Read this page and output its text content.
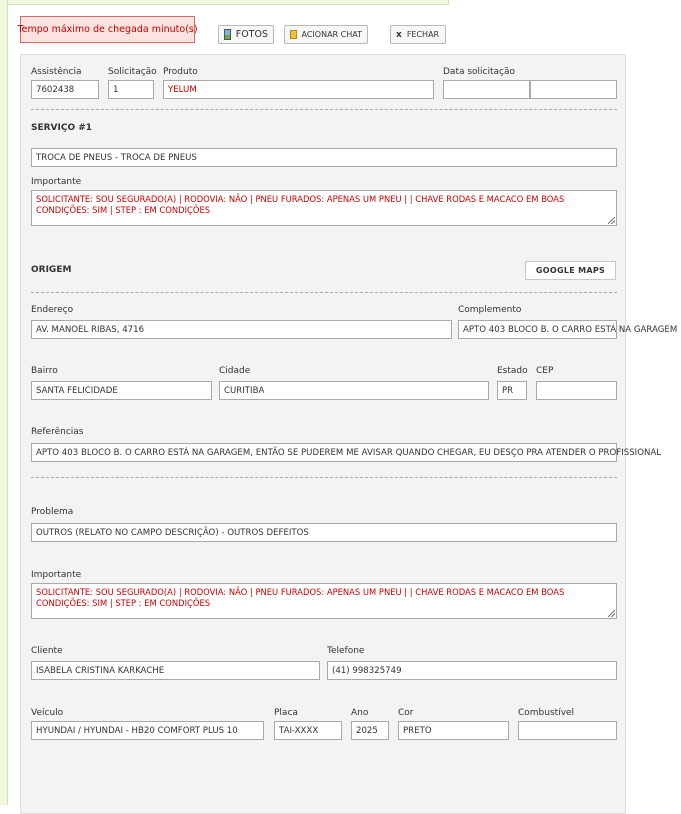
Tempo máximo de chegada minuto(s)	FOTOS	ACIONAR CHAT	x FECHAR
Assistência
7602438
Solicitação
1
Produto
YELUM
Data solicitação
SERVIÇO #1
TROCA DE PNEUS - TROCA DE PNEUS
Importante
SOLICITANTE: SOU SEGURADO(A) | RODOVIA: NÃO | PNEU FURADOS: APENAS UM PNEU | | CHAVE RODAS E MACACO EM BOAS CONDIÇÕES: SIM | STEP : EM CONDIÇÕES
ORIGEM	GOOGLE MAPS
Endereço
AV. MANOEL RIBAS, 4716
Complemento
APTO 403 BLOCO B. O CARRO ESTÁ NA GARAGEM
Bairro
SANTA FELICIDADE
Cidade
CURITIBA
Estado
PR
CEP
Referências
APTO 403 BLOCO B. O CARRO ESTÁ NA GARAGEM, ENTÃO SE PUDEREM ME AVISAR QUANDO CHEGAR, EU DESÇO PRA ATENDER O PROFISSIONAL
Problema
OUTROS (RELATO NO CAMPO DESCRIÇÃO) - OUTROS DEFEITOS
Importante
SOLICITANTE: SOU SEGURADO(A) | RODOVIA: NÃO | PNEU FURADOS: APENAS UM PNEU | | CHAVE RODAS E MACACO EM BOAS CONDIÇÕES: SIM | STEP : EM CONDIÇÕES
Cliente
ISABELA CRISTINA KARKACHE
Telefone
(41) 998325749
Veículo
HYUNDAI / HYUNDAI - HB20 COMFORT PLUS 10
Placa
TAI-XXXX
Ano
2025
Cor
PRETO
Combustível
